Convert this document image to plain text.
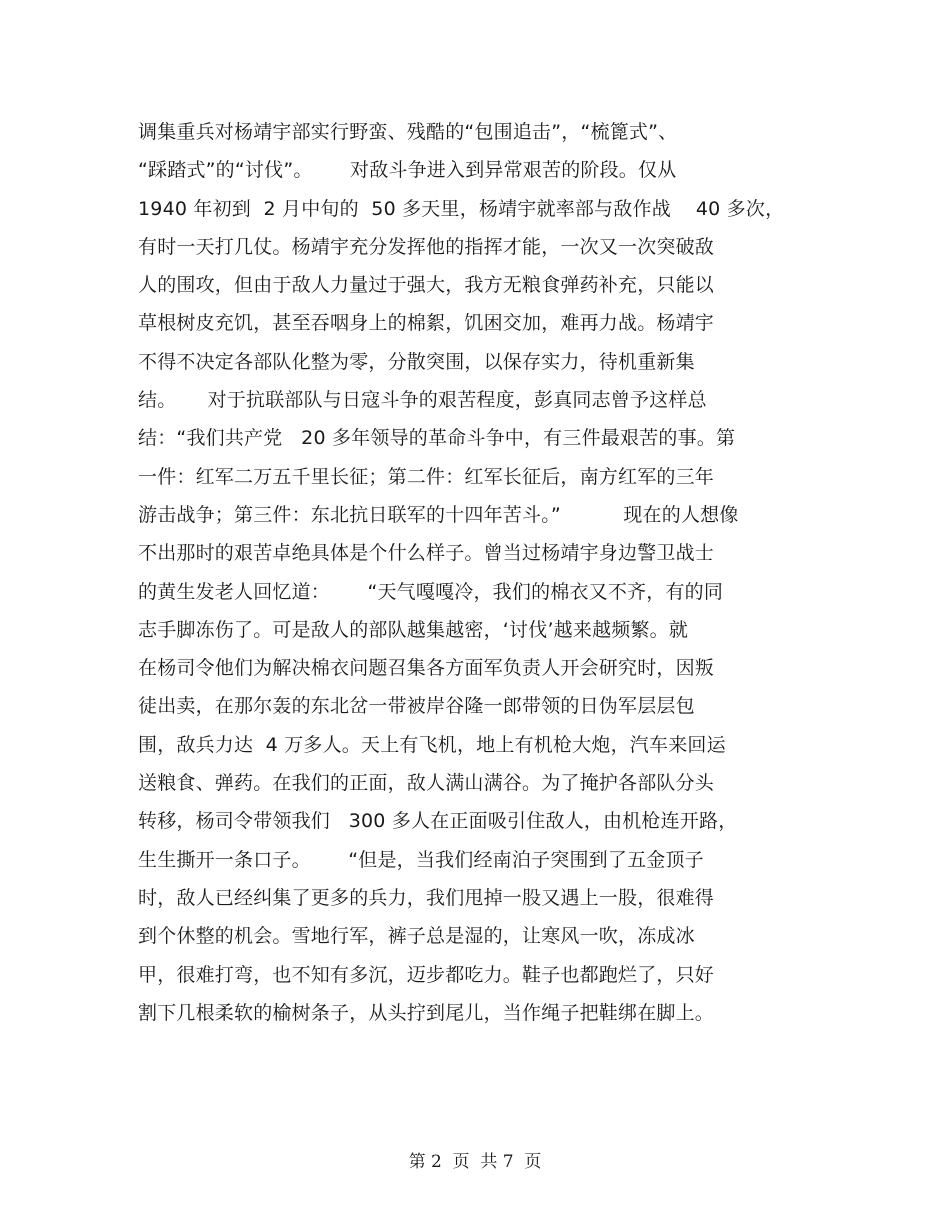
调集重兵对杨靖宇部实行野蛮、残酷的“包围追击”，“梳篦式”、
“踩踏式”的“讨伐”。      对敌斗争进入到异常艰苦的阶段。仅从
1940 年初到  2 月中旬的  50 多天里，杨靖宇就率部与敌作战    40 多次，
有时一天打几仗。杨靖宇充分发挥他的指挥才能，一次又一次突破敌
人的围攻，但由于敌人力量过于强大，我方无粮食弹药补充，只能以
草根树皮充饥，甚至吞咽身上的棉絮，饥困交加，难再力战。杨靖宇
不得不决定各部队化整为零，分散突围，以保存实力，待机重新集
结。     对于抗联部队与日寇斗争的艰苦程度，彭真同志曾予这样总
结：“我们共产党   20 多年领导的革命斗争中，有三件最艰苦的事。第
一件：红军二万五千里长征；第二件：红军长征后，南方红军的三年
游击战争；第三件：东北抗日联军的十四年苦斗。”          现在的人想像
不出那时的艰苦卓绝具体是个什么样子。曾当过杨靖宇身边警卫战士
的黄生发老人回忆道：      “天气嘎嘎冷，我们的棉衣又不齐，有的同
志手脚冻伤了。可是敌人的部队越集越密，‘讨伐’越来越频繁。就
在杨司令他们为解决棉衣问题召集各方面军负责人开会研究时，因叛
徒出卖，在那尔轰的东北岔一带被岸谷隆一郎带领的日伪军层层包
围，敌兵力达  4 万多人。天上有飞机，地上有机枪大炮，汽车来回运
送粮食、弹药。在我们的正面，敌人满山满谷。为了掩护各部队分头
转移，杨司令带领我们   300 多人在正面吸引住敌人，由机枪连开路，
生生撕开一条口子。      “但是，当我们经南泊子突围到了五金顶子
时，敌人已经纠集了更多的兵力，我们甩掉一股又遇上一股，很难得
到个休整的机会。雪地行军，裤子总是湿的，让寒风一吹，冻成冰
甲，很难打弯，也不知有多沉，迈步都吃力。鞋子也都跑烂了，只好
割下几根柔软的榆树条子，从头拧到尾儿，当作绳子把鞋绑在脚上。
第 2  页  共 7  页
